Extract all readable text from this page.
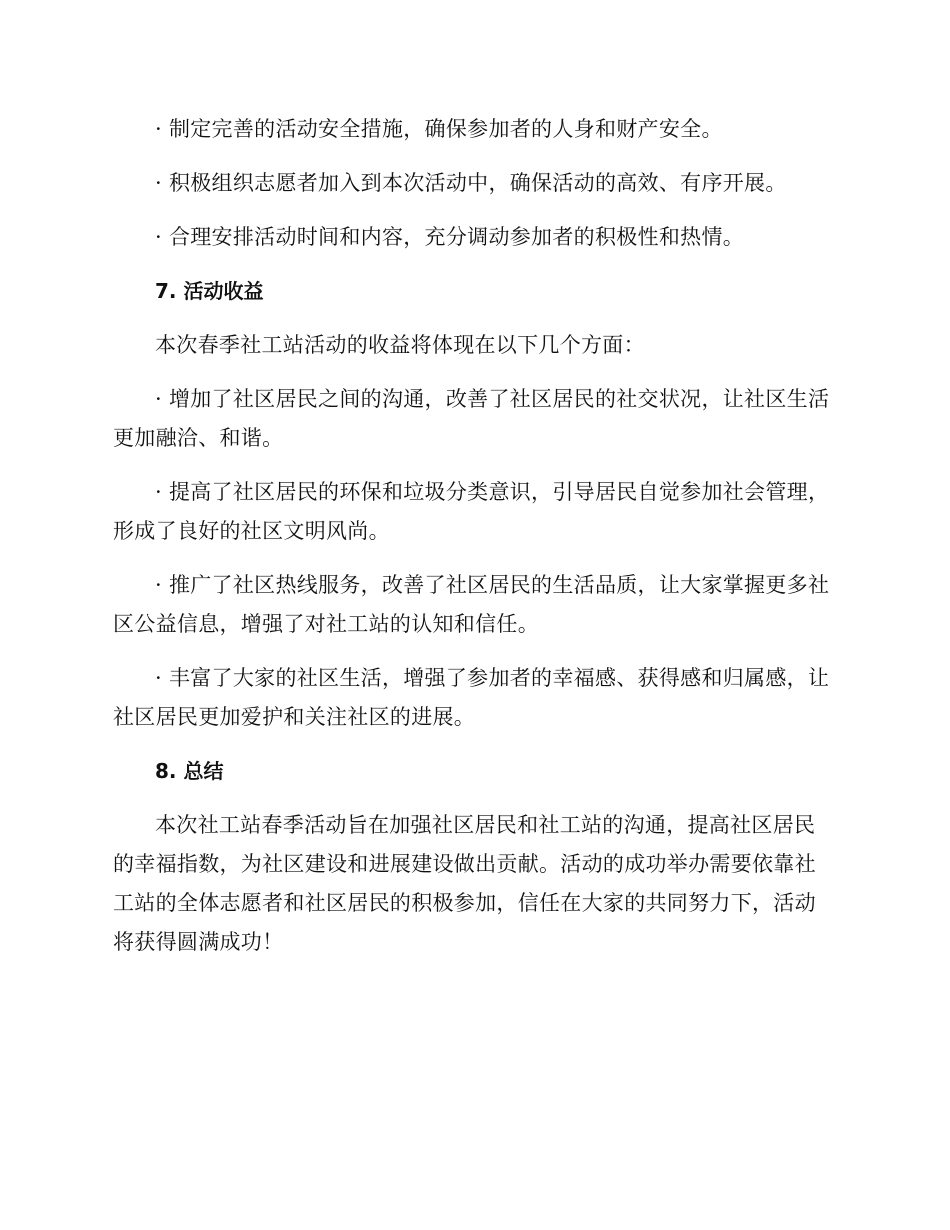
· 制定完善的活动安全措施，确保参加者的人身和财产安全。

· 积极组织志愿者加入到本次活动中，确保活动的高效、有序开展。

· 合理安排活动时间和内容，充分调动参加者的积极性和热情。

7. 活动收益

本次春季社工站活动的收益将体现在以下几个方面：

· 增加了社区居民之间的沟通，改善了社区居民的社交状况，让社区生活更加融洽、和谐。

· 提高了社区居民的环保和垃圾分类意识，引导居民自觉参加社会管理，形成了良好的社区文明风尚。

· 推广了社区热线服务，改善了社区居民的生活品质，让大家掌握更多社区公益信息，增强了对社工站的认知和信任。

· 丰富了大家的社区生活，增强了参加者的幸福感、获得感和归属感，让社区居民更加爱护和关注社区的进展。

8. 总结

本次社工站春季活动旨在加强社区居民和社工站的沟通，提高社区居民的幸福指数，为社区建设和进展建设做出贡献。活动的成功举办需要依靠社工站的全体志愿者和社区居民的积极参加，信任在大家的共同努力下，活动将获得圆满成功！
